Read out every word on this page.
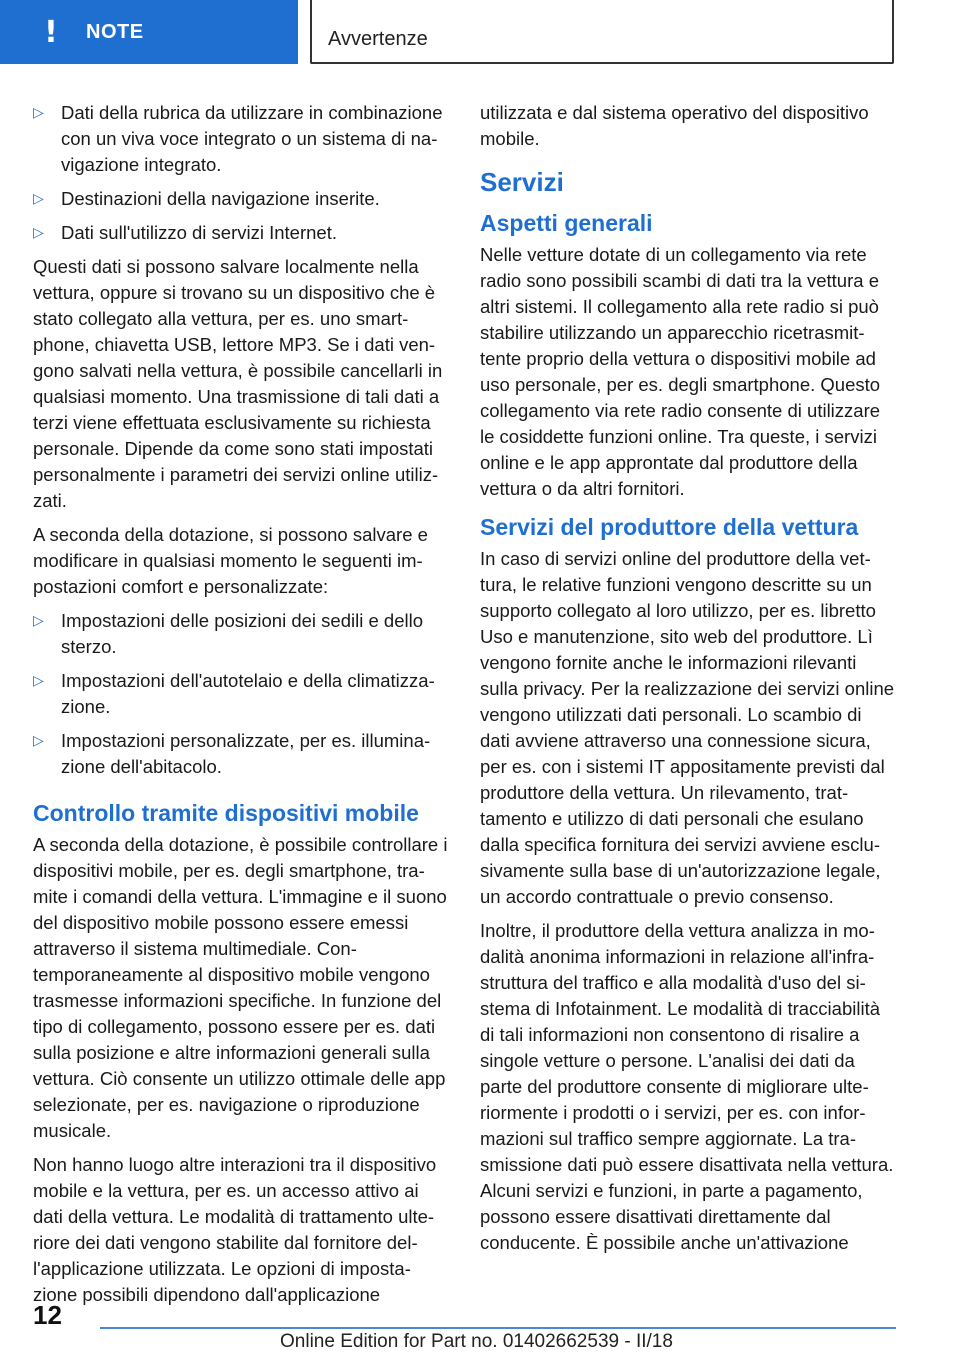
! NOTE	Avvertenze
▷ Dati della rubrica da utilizzare in combinazione con un viva voce integrato o un sistema di navigazione integrato.
▷ Destinazioni della navigazione inserite.
▷ Dati sull'utilizzo di servizi Internet.

Questi dati si possono salvare localmente nella vettura, oppure si trovano su un dispositivo che è stato collegato alla vettura, per es. uno smartphone, chiavetta USB, lettore MP3. Se i dati vengono salvati nella vettura, è possibile cancellarli in qualsiasi momento. Una trasmissione di tali dati a terzi viene effettuata esclusivamente su richiesta personale. Dipende da come sono stati impostati personalmente i parametri dei servizi online utilizzati.

A seconda della dotazione, si possono salvare e modificare in qualsiasi momento le seguenti impostazioni comfort e personalizzate:

▷ Impostazioni delle posizioni dei sedili e dello sterzo.
▷ Impostazioni dell'autotelaio e della climatizzazione.
▷ Impostazioni personalizzate, per es. illuminazione dell'abitacolo.
Controllo tramite dispositivi mobile

A seconda della dotazione, è possibile controllare i dispositivi mobile, per es. degli smartphone, tramite i comandi della vettura. L'immagine e il suono del dispositivo mobile possono essere emessi attraverso il sistema multimediale. Contemporaneamente al dispositivo mobile vengono trasmesse informazioni specifiche. In funzione del tipo di collegamento, possono essere per es. dati sulla posizione e altre informazioni generali sulla vettura. Ciò consente un utilizzo ottimale delle app selezionate, per es. navigazione o riproduzione musicale.

Non hanno luogo altre interazioni tra il dispositivo mobile e la vettura, per es. un accesso attivo ai dati della vettura. Le modalità di trattamento ulteriore dei dati vengono stabilite dal fornitore dell'applicazione utilizzata. Le opzioni di impostazione possibili dipendono dall'applicazione

utilizzata e dal sistema operativo del dispositivo mobile.

Servizi
Aspetti generali

Nelle vetture dotate di un collegamento via rete radio sono possibili scambi di dati tra la vettura e altri sistemi. Il collegamento alla rete radio si può stabilire utilizzando un apparecchio ricetrasmittente proprio della vettura o dispositivi mobile ad uso personale, per es. degli smartphone. Questo collegamento via rete radio consente di utilizzare le cosiddette funzioni online. Tra queste, i servizi online e le app approntate dal produttore della vettura o da altri fornitori.

Servizi del produttore della vettura

In caso di servizi online del produttore della vettura, le relative funzioni vengono descritte su un supporto collegato al loro utilizzo, per es. libretto Uso e manutenzione, sito web del produttore. Lì vengono fornite anche le informazioni rilevanti sulla privacy. Per la realizzazione dei servizi online vengono utilizzati dati personali. Lo scambio di dati avviene attraverso una connessione sicura, per es. con i sistemi IT appositamente previsti dal produttore della vettura. Un rilevamento, trattamento e utilizzo di dati personali che esulano dalla specifica fornitura dei servizi avviene esclusivamente sulla base di un'autorizzazione legale, un accordo contrattuale o previo consenso.

Inoltre, il produttore della vettura analizza in modalità anonima informazioni in relazione all'infrastruttura del traffico e alla modalità d'uso del sistema di Infotainment. Le modalità di tracciabilità di tali informazioni non consentono di risalire a singole vetture o persone. L'analisi dei dati da parte del produttore consente di migliorare ulteriormente i prodotti o i servizi, per es. con informazioni sul traffico sempre aggiornate. La trasmissione dati può essere disattivata nella vettura. Alcuni servizi e funzioni, in parte a pagamento, possono essere disattivati direttamente dal conducente. È possibile anche un'attivazione

12
Online Edition for Part no. 01402662539 - II/18
